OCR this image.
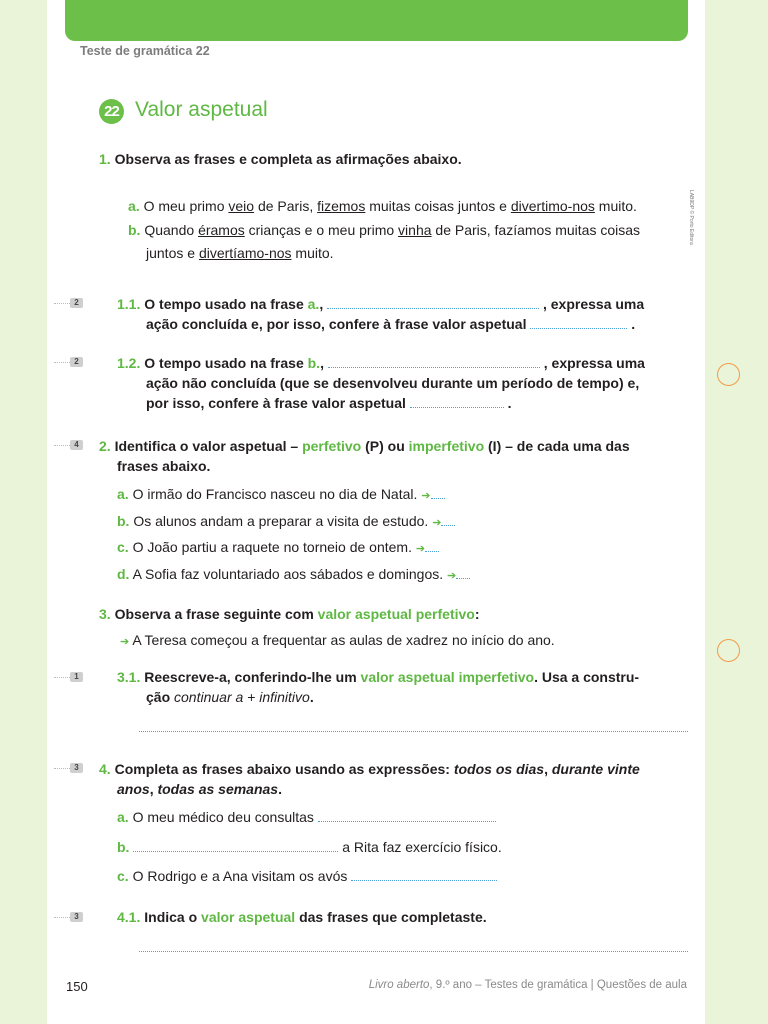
Teste de gramática 22
22 Valor aspetual
LAB9DP © Porto Editora
1. Observa as frases e completa as afirmações abaixo.
a. O meu primo veio de Paris, fizemos muitas coisas juntos e divertimo-nos muito.
b. Quando éramos crianças e o meu primo vinha de Paris, fazíamos muitas coisas
juntos e divertíamo-nos muito.
2	1.1. O tempo usado na frase a.,	, expressa uma
ação concluída e, por isso, confere à frase valor aspetual	.
2	1.2. O tempo usado na frase b.,	, expressa uma
ação não concluída (que se desenvolveu durante um período de tempo) e,
por isso, confere à frase valor aspetual	.
4	2. Identifica o valor aspetual – perfetivo (P) ou imperfetivo (I) – de cada uma das
frases abaixo.
a. O irmão do Francisco nasceu no dia de Natal. ➔
b. Os alunos andam a preparar a visita de estudo. ➔
c. O João partiu a raquete no torneio de ontem. ➔
d. A Sofia faz voluntariado aos sábados e domingos. ➔
3. Observa a frase seguinte com valor aspetual perfetivo:
➔ A Teresa começou a frequentar as aulas de xadrez no início do ano.
1	3.1. Reescreve-a, conferindo-lhe um valor aspetual imperfetivo. Usa a constru-
ção continuar a + infinitivo.
3	4. Completa as frases abaixo usando as expressões: todos os dias, durante vinte
anos, todas as semanas.
a. O meu médico deu consultas
b.	a Rita faz exercício físico.
c. O Rodrigo e a Ana visitam os avós
3	4.1. Indica o valor aspetual das frases que completaste.
150	Livro aberto, 9.º ano – Testes de gramática | Questões de aula
